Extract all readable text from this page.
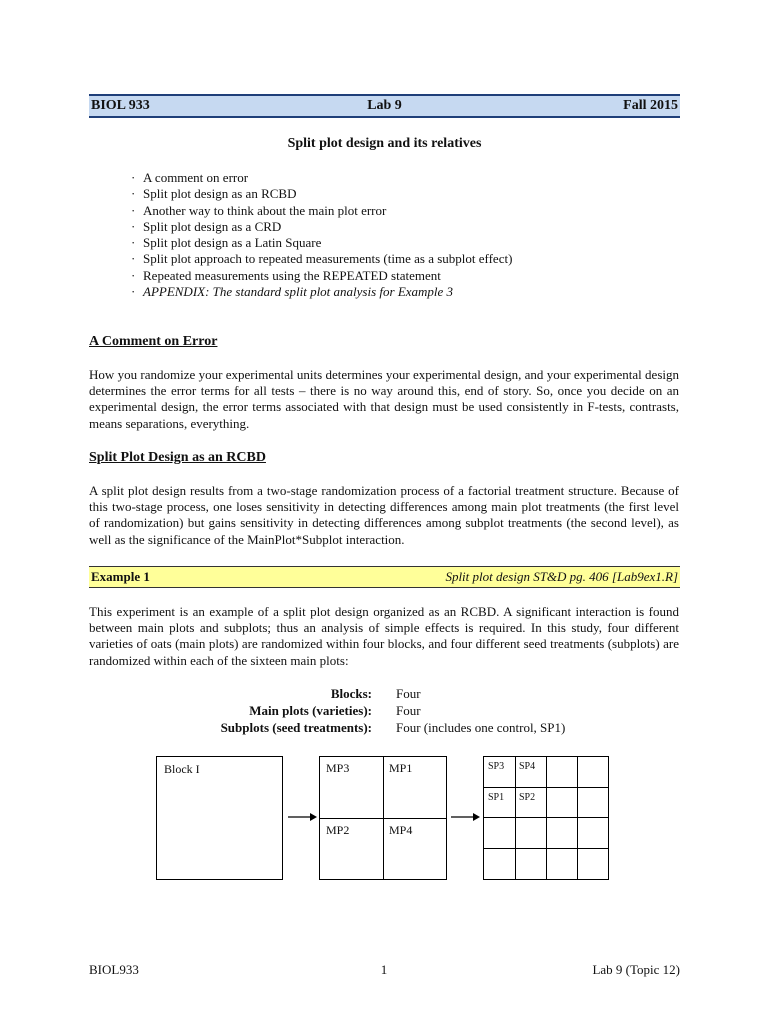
Lab 9
BIOL 933	Fall 2015
Split plot design and its relatives
· A comment on error
· Split plot design as an RCBD
· Another way to think about the main plot error
· Split plot design as a CRD
· Split plot design as a Latin Square
· Split plot approach to repeated measurements (time as a subplot effect)
· Repeated measurements using the REPEATED statement
· APPENDIX: The standard split plot analysis for Example 3
A Comment on Error

How you randomize your experimental units determines your experimental design, and your experimental design determines the error terms for all tests – there is no way around this, end of story. So, once you decide on an experimental design, the error terms associated with that design must be used consistently in F-tests, contrasts, means separations, everything.

Split Plot Design as an RCBD

A split plot design results from a two-stage randomization process of a factorial treatment structure. Because of this two-stage process, one loses sensitivity in detecting differences among main plot treatments (the first level of randomization) but gains sensitivity in detecting differences among subplot treatments (the second level), as well as the significance of the MainPlot*Subplot interaction.

Example 1	Split plot design ST&D pg. 406 [Lab9ex1.R]

This experiment is an example of a split plot design organized as an RCBD. A significant interaction is found between main plots and subplots; thus an analysis of simple effects is required. In this study, four different varieties of oats (main plots) are randomized within four blocks, and four different seed treatments (subplots) are randomized within each of the sixteen main plots:

Blocks: Four
Main plots (varieties): Four
Subplots (seed treatments): Four (includes one control, SP1)
Block I	MP3	MP1
MP2	MP4
SP3 SP4
SP1 SP2
BIOL933	1	Lab 9 (Topic 12)
